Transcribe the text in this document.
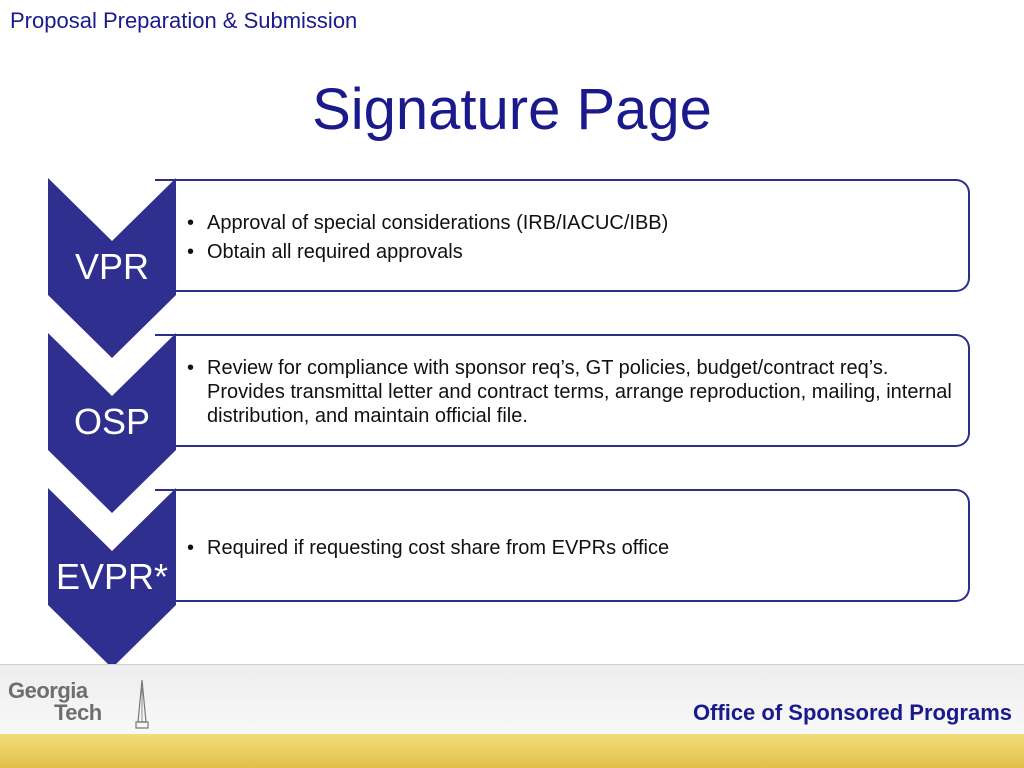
Proposal Preparation & Submission
Signature Page
• Approval of special considerations (IRB/IACUC/IBB)
• Obtain all required approvals
VPR
• Review for compliance with sponsor req’s, GT policies, budget/contract req’s. Provides transmittal letter and contract terms, arrange reproduction, mailing, internal distribution, and maintain official file.
OSP
• Required if requesting cost share from EVPRs office
EVPR*
Georgia
Tech	Office of Sponsored Programs
